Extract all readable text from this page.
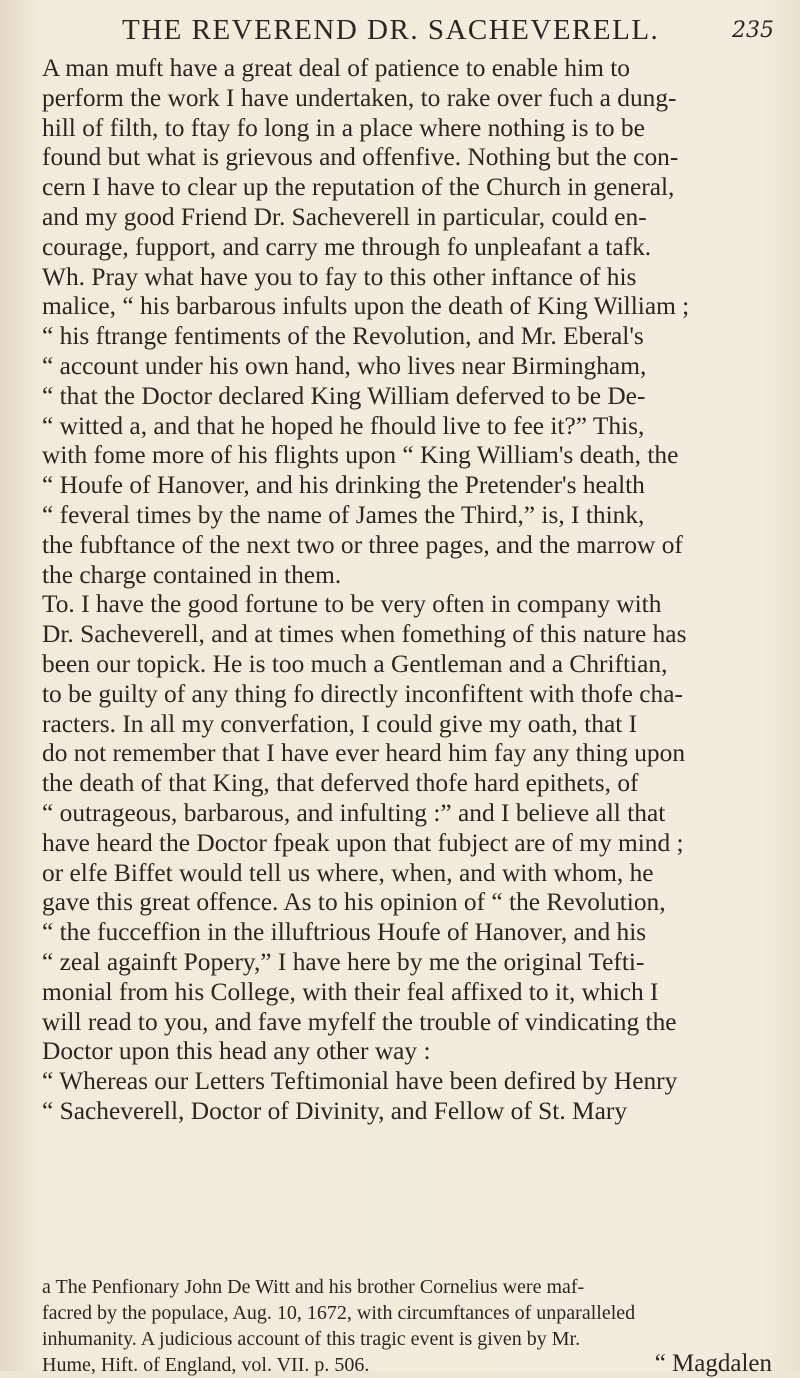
THE REVEREND DR. SACHEVERELL.	235
A man muft have a great deal of patience to enable him to
perform the work I have undertaken, to rake over fuch a dung-
hill of filth, to ftay fo long in a place where nothing is to be
found but what is grievous and offenfive. Nothing but the con-
cern I have to clear up the reputation of the Church in general,
and my good Friend Dr. Sacheverell in particular, could en-
courage, fupport, and carry me through fo unpleafant a tafk.
Wh. Pray what have you to fay to this other inftance of his
malice, “ his barbarous infults upon the death of King William ;
“ his ftrange fentiments of the Revolution, and Mr. Eberal's
“ account under his own hand, who lives near Birmingham,
“ that the Doctor declared King William deferved to be De-
“ witted a, and that he hoped he fhould live to fee it?” This,
with fome more of his flights upon “ King William's death, the
“ Houfe of Hanover, and his drinking the Pretender's health
“ feveral times by the name of James the Third,” is, I think,
the fubftance of the next two or three pages, and the marrow of
the charge contained in them.
To. I have the good fortune to be very often in company with
Dr. Sacheverell, and at times when fomething of this nature has
been our topick. He is too much a Gentleman and a Chriftian,
to be guilty of any thing fo directly inconfiftent with thofe cha-
racters. In all my converfation, I could give my oath, that I
do not remember that I have ever heard him fay any thing upon
the death of that King, that deferved thofe hard epithets, of
“ outrageous, barbarous, and infulting :” and I believe all that
have heard the Doctor fpeak upon that fubject are of my mind ;
or elfe Biffet would tell us where, when, and with whom, he
gave this great offence. As to his opinion of “ the Revolution,
“ the fucceffion in the illuftrious Houfe of Hanover, and his
“ zeal againft Popery,” I have here by me the original Tefti-
monial from his College, with their feal affixed to it, which I
will read to you, and fave myfelf the trouble of vindicating the
Doctor upon this head any other way :
“ Whereas our Letters Teftimonial have been defired by Henry
“ Sacheverell, Doctor of Divinity, and Fellow of St. Mary
a The Penfionary John De Witt and his brother Cornelius were maf-
facred by the populace, Aug. 10, 1672, with circumftances of unparalleled
inhumanity. A judicious account of this tragic event is given by Mr.
Hume, Hift. of England, vol. VII. p. 506.	“ Magdalen
